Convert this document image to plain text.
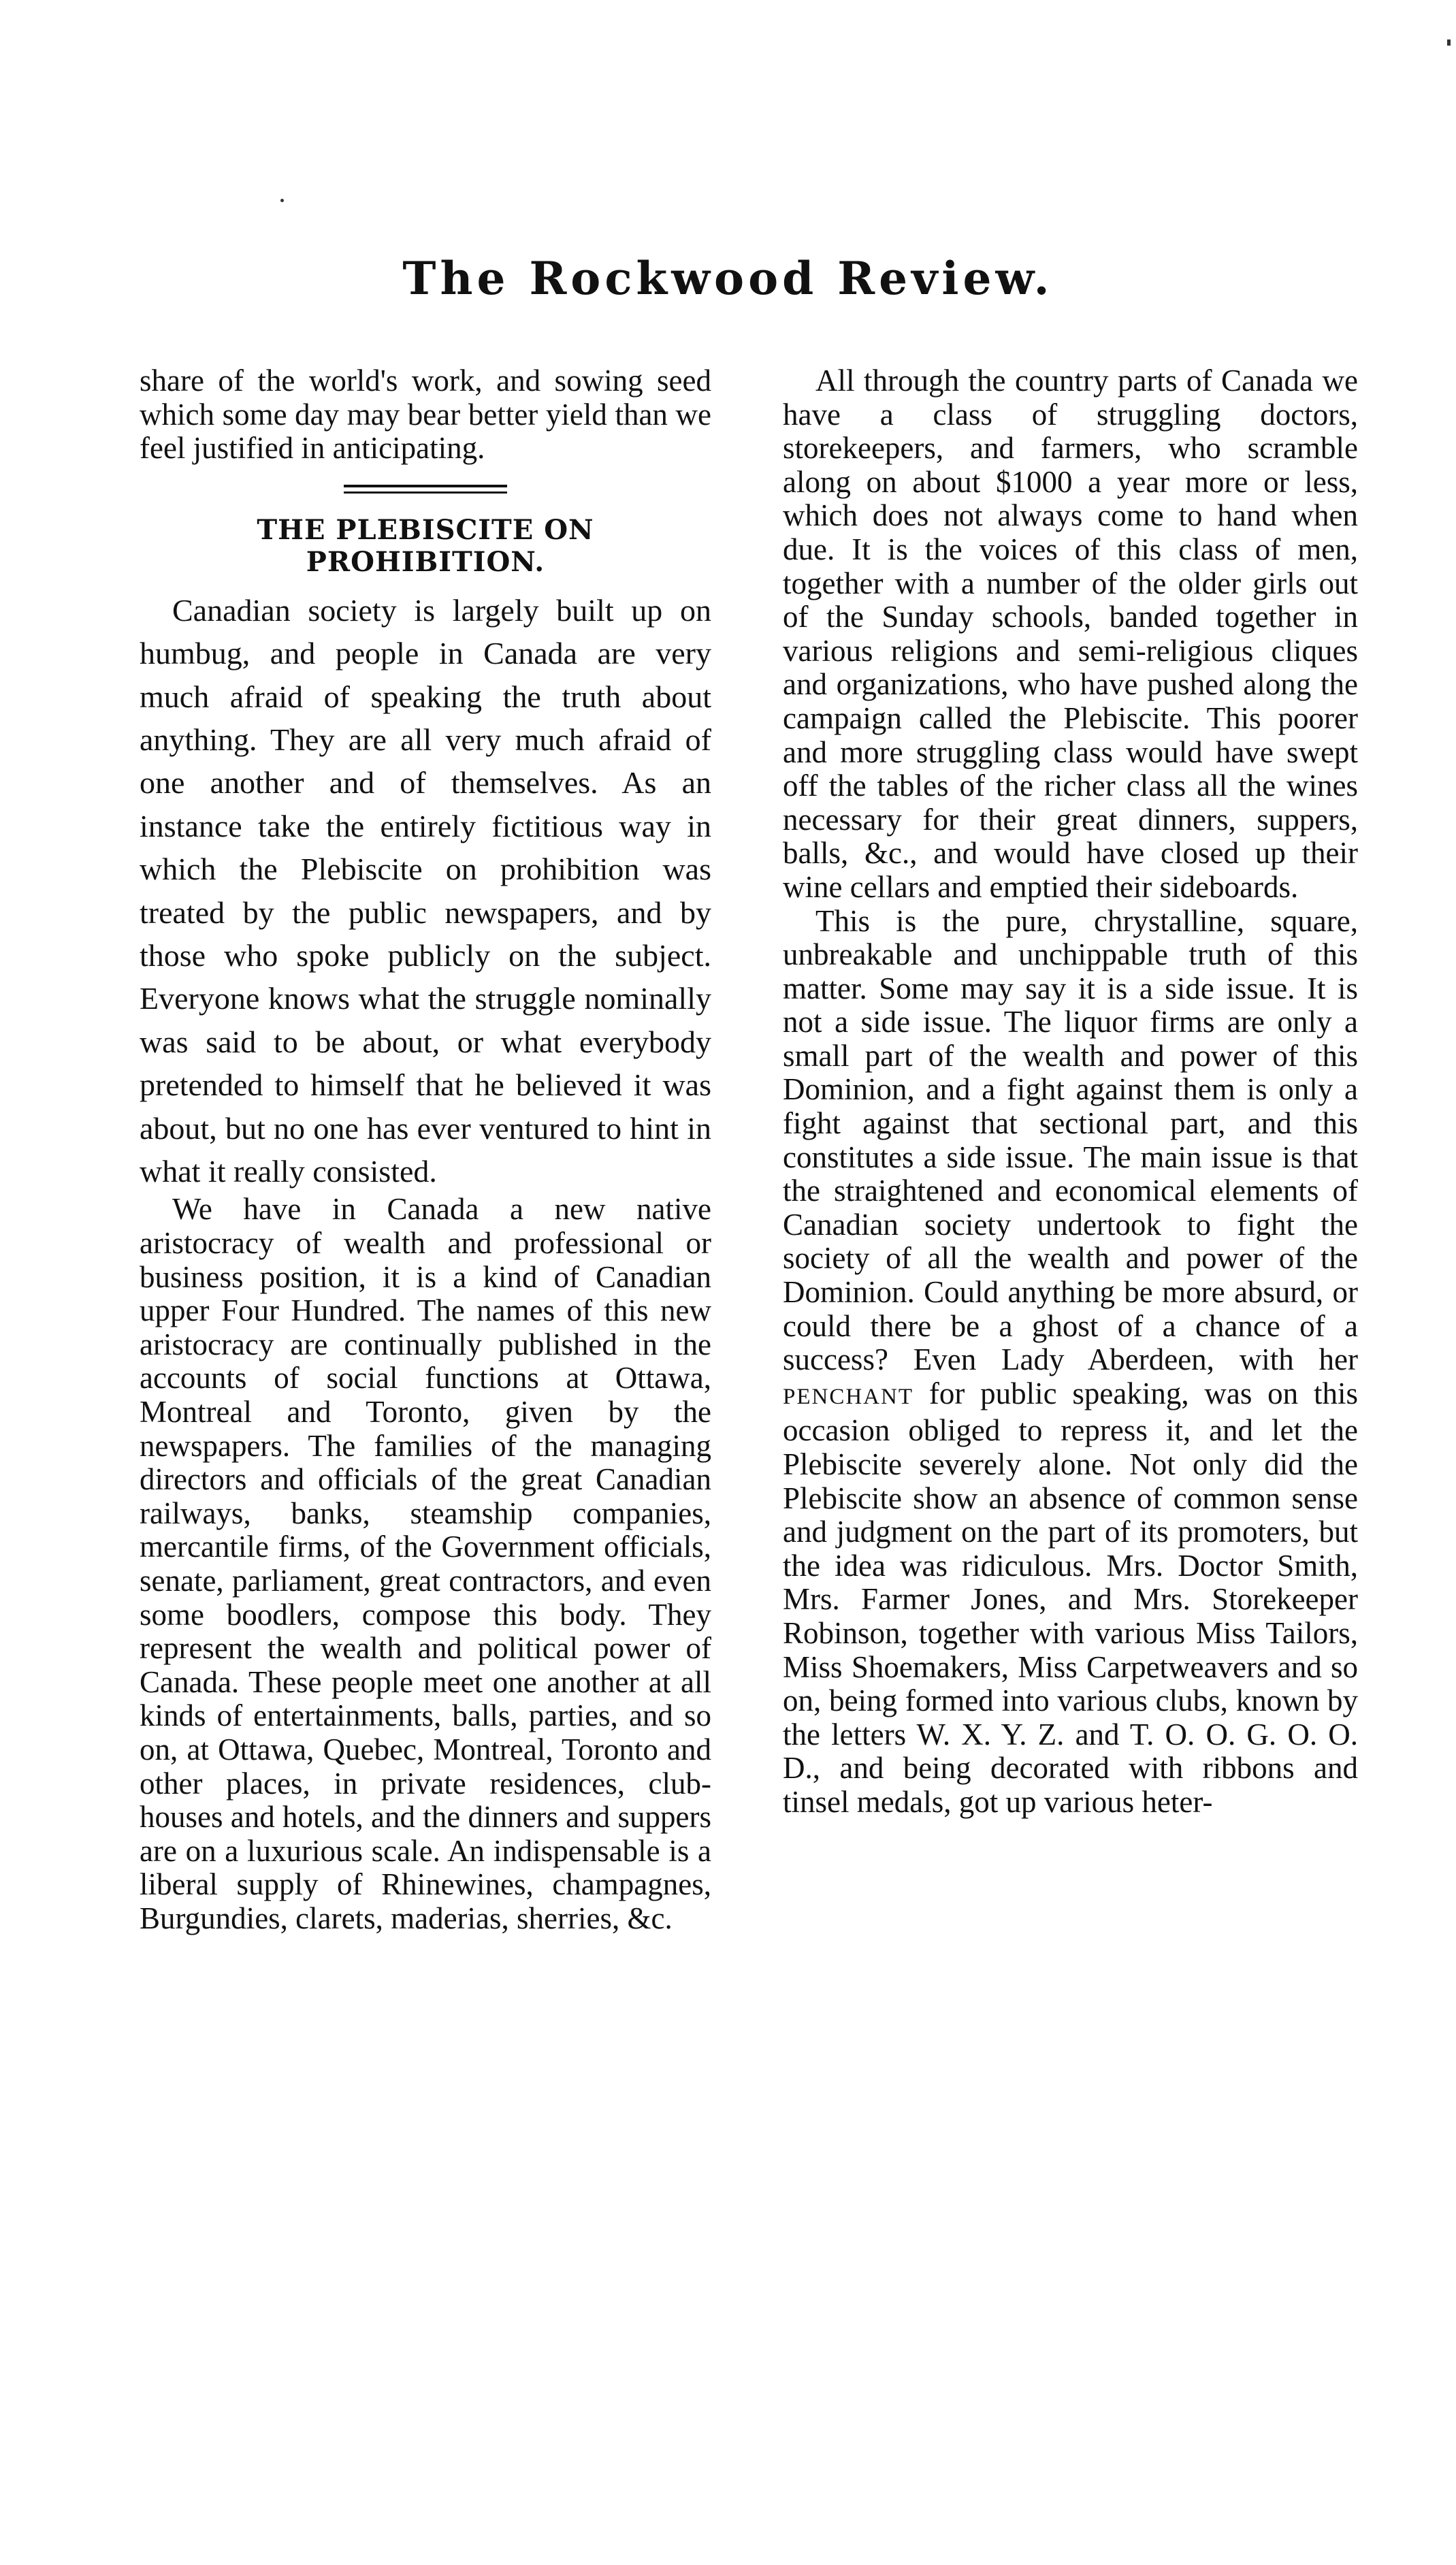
The Rockwood Review.

share of the world's work, and sowing seed which some day may bear better yield than we feel justified in anticipating.

THE PLEBISCITE ON PROHIBITION.

Canadian society is largely built up on humbug, and people in Canada are very much afraid of speaking the truth about anything. They are all very much afraid of one another and of themselves. As an instance take the entirely fictitious way in which the Plebiscite on prohibition was treated by the public newspapers, and by those who spoke publicly on the subject. Everyone knows what the struggle nominally was said to be about, or what everybody pretended to himself that he believed it was about, but no one has ever ventured to hint in what it really consisted.

We have in Canada a new native aristocracy of wealth and professional or business position, it is a kind of Canadian upper Four Hundred. The names of this new aristocracy are continually published in the accounts of social functions at Ottawa, Montreal and Toronto, given by the newspapers. The families of the managing directors and officials of the great Canadian railways, banks, steamship companies, mercantile firms, of the Government officials, senate, parliament, great contractors, and even some boodlers, compose this body. They represent the wealth and political power of Canada. These people meet one another at all kinds of entertainments, balls, parties, and so on, at Ottawa, Quebec, Montreal, Toronto and other places, in private residences, club-houses and hotels, and the dinners and suppers are on a luxurious scale. An indispensable is a liberal supply of Rhinewines, champagnes, Burgundies, clarets, maderias, sherries, &c.

All through the country parts of Canada we have a class of struggling doctors, storekeepers, and farmers, who scramble along on about $1000 a year more or less, which does not always come to hand when due. It is the voices of this class of men, together with a number of the older girls out of the Sunday schools, banded together in various religions and semi-religious cliques and organizations, who have pushed along the campaign called the Plebiscite. This poorer and more struggling class would have swept off the tables of the richer class all the wines necessary for their great dinners, suppers, balls, &c., and would have closed up their wine cellars and emptied their sideboards.

This is the pure, chrystalline, square, unbreakable and unchippable truth of this matter. Some may say it is a side issue. It is not a side issue. The liquor firms are only a small part of the wealth and power of this Dominion, and a fight against them is only a fight against that sectional part, and this constitutes a side issue. The main issue is that the straightened and economical elements of Canadian society undertook to fight the society of all the wealth and power of the Dominion. Could anything be more absurd, or could there be a ghost of a chance of a success? Even Lady Aberdeen, with her PENCHANT for public speaking, was on this occasion obliged to repress it, and let the Plebiscite severely alone. Not only did the Plebiscite show an absence of common sense and judgment on the part of its promoters, but the idea was ridiculous. Mrs. Doctor Smith, Mrs. Farmer Jones, and Mrs. Storekeeper Robinson, together with various Miss Tailors, Miss Shoemakers, Miss Carpetweavers and so on, being formed into various clubs, known by the letters W. X. Y. Z. and T. O. O. G. O. O. D., and being decorated with ribbons and tinsel medals, got up various heter-
